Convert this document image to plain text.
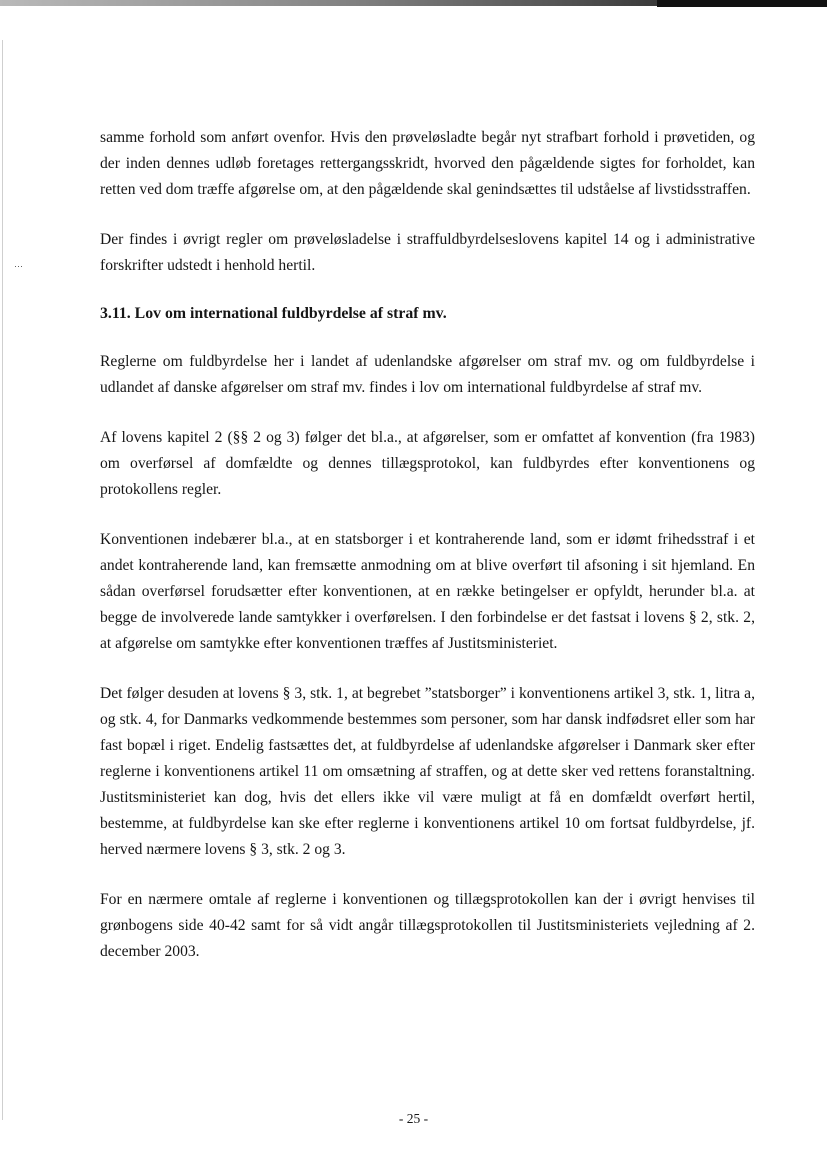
⋯

samme forhold som anført ovenfor. Hvis den prøveløsladte begår nyt strafbart forhold i prøvetiden, og der inden dennes udløb foretages rettergangsskridt, hvorved den pågældende sigtes for forholdet, kan retten ved dom træffe afgørelse om, at den pågældende skal genindsættes til udståelse af livstidsstraffen.

Der findes i øvrigt regler om prøveløsladelse i straffuldbyrdelseslovens kapitel 14 og i administrative forskrifter udstedt i henhold hertil.

3.11. Lov om international fuldbyrdelse af straf mv.

Reglerne om fuldbyrdelse her i landet af udenlandske afgørelser om straf mv. og om fuldbyrdelse i udlandet af danske afgørelser om straf mv. findes i lov om international fuldbyrdelse af straf mv.

Af lovens kapitel 2 (§§ 2 og 3) følger det bl.a., at afgørelser, som er omfattet af konvention (fra 1983) om overførsel af domfældte og dennes tillægsprotokol, kan fuldbyrdes efter konventionens og protokollens regler.

Konventionen indebærer bl.a., at en statsborger i et kontraherende land, som er idømt frihedsstraf i et andet kontraherende land, kan fremsætte anmodning om at blive overført til afsoning i sit hjemland. En sådan overførsel forudsætter efter konventionen, at en række betingelser er opfyldt, herunder bl.a. at begge de involverede lande samtykker i overførelsen. I den forbindelse er det fastsat i lovens § 2, stk. 2, at afgørelse om samtykke efter konventionen træffes af Justitsministeriet.

Det følger desuden at lovens § 3, stk. 1, at begrebet ”statsborger” i konventionens artikel 3, stk. 1, litra a, og stk. 4, for Danmarks vedkommende bestemmes som personer, som har dansk indfødsret eller som har fast bopæl i riget. Endelig fastsættes det, at fuldbyrdelse af udenlandske afgørelser i Danmark sker efter reglerne i konventionens artikel 11 om omsætning af straffen, og at dette sker ved rettens foranstaltning. Justitsministeriet kan dog, hvis det ellers ikke vil være muligt at få en domfældt overført hertil, bestemme, at fuldbyrdelse kan ske efter reglerne i konventionens artikel 10 om fortsat fuldbyrdelse, jf. herved nærmere lovens § 3, stk. 2 og 3.

For en nærmere omtale af reglerne i konventionen og tillægsprotokollen kan der i øvrigt henvises til grønbogens side 40-42 samt for så vidt angår tillægsprotokollen til Justitsministeriets vejledning af 2. december 2003.

- 25 -
